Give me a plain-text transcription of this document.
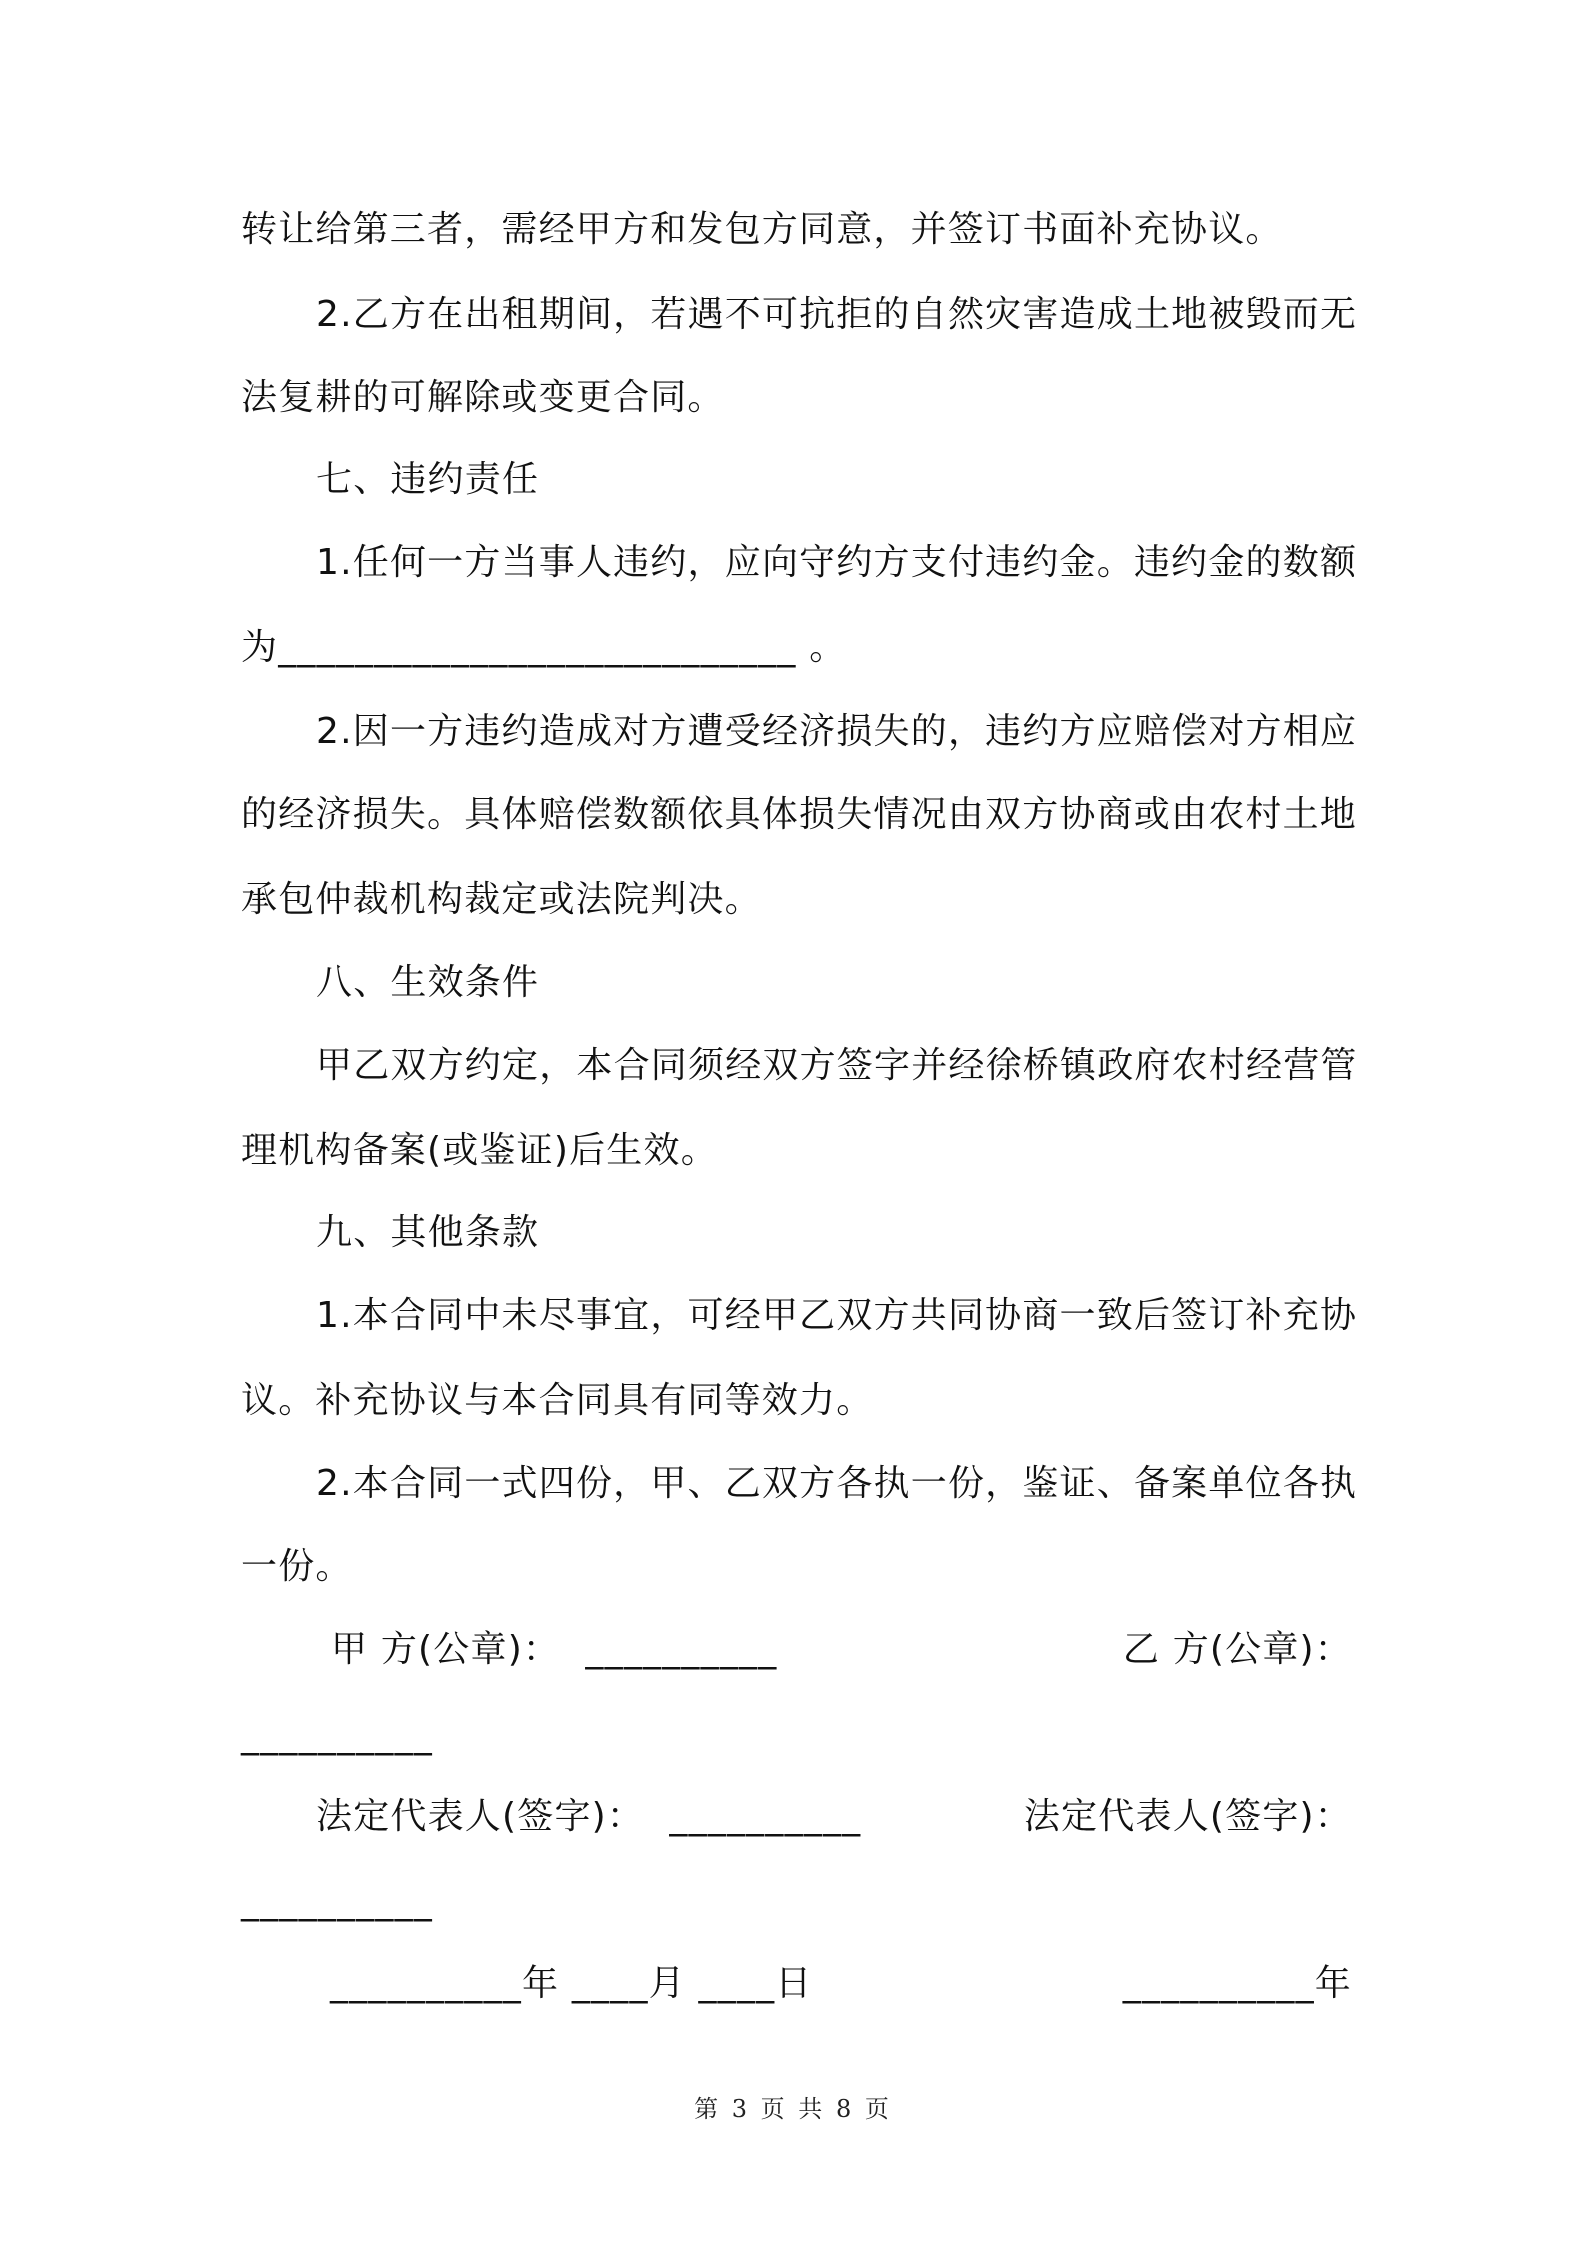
转让给第三者，需经甲方和发包方同意，并签订书面补充协议。
2.乙方在出租期间，若遇不可抗拒的自然灾害造成土地被毁而无
法复耕的可解除或变更合同。
七、违约责任
1.任何一方当事人违约，应向守约方支付违约金。违约金的数额
为___________________________ 。
2.因一方违约造成对方遭受经济损失的，违约方应赔偿对方相应
的经济损失。具体赔偿数额依具体损失情况由双方协商或由农村土地
承包仲裁机构裁定或法院判决。
八、生效条件
甲乙双方约定，本合同须经双方签字并经徐桥镇政府农村经营管
理机构备案(或鉴证)后生效。
九、其他条款
1.本合同中未尽事宜，可经甲乙双方共同协商一致后签订补充协
议。补充协议与本合同具有同等效力。
2.本合同一式四份，甲、乙双方各执一份，鉴证、备案单位各执
一份。
甲 方(公章)：  __________	乙 方(公章)：
__________
法定代表人(签字)：  __________	法定代表人(签字)：
__________
__________年 ____月 ____日	__________年
第 3 页 共 8 页
